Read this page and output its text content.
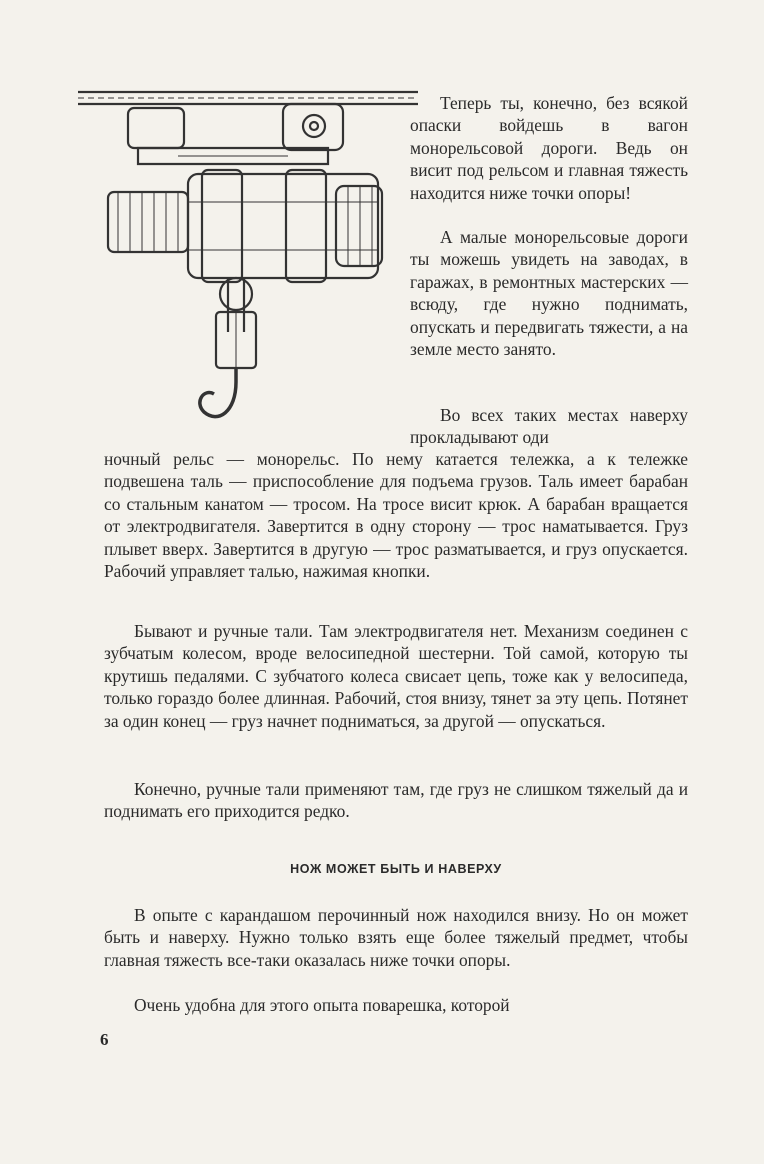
Теперь ты, конечно, без всякой опаски войдешь в вагон монорельсовой дороги. Ведь он висит под рельсом и главная тяжесть находится ниже точки опоры!

А малые монорельсовые дороги ты можешь увидеть на заводах, в гаражах, в ремонтных мастерских — всюду, где нужно поднимать, опускать и передвигать тяжести, а на земле место занято.

Во всех таких местах наверху прокладывают оди

ночный рельс — монорельс. По нему катается тележка, а к тележке подвешена таль — приспособление для подъема грузов. Таль имеет барабан со стальным канатом — тросом. На тросе висит крюк. А барабан вращается от электродвигателя. Завертится в одну сторону — трос наматывается. Груз плывет вверх. Завертится в другую — трос разматывается, и груз опускается. Рабочий управляет талью, нажимая кнопки.

Бывают и ручные тали. Там электродвигателя нет. Механизм соединен с зубчатым колесом, вроде велосипедной шестерни. Той самой, которую ты крутишь педалями. С зубчатого колеса свисает цепь, тоже как у велосипеда, только гораздо более длинная. Рабочий, стоя внизу, тянет за эту цепь. Потянет за один конец — груз начнет подниматься, за другой — опускаться.

Конечно, ручные тали применяют там, где груз не слишком тяжелый да и поднимать его приходится редко.

НОЖ МОЖЕТ БЫТЬ И НАВЕРХУ

В опыте с карандашом перочинный нож находился внизу. Но он может быть и наверху. Нужно только взять еще более тяжелый предмет, чтобы главная тяжесть все-таки оказалась ниже точки опоры.

Очень удобна для этого опыта поварешка, которой

6
